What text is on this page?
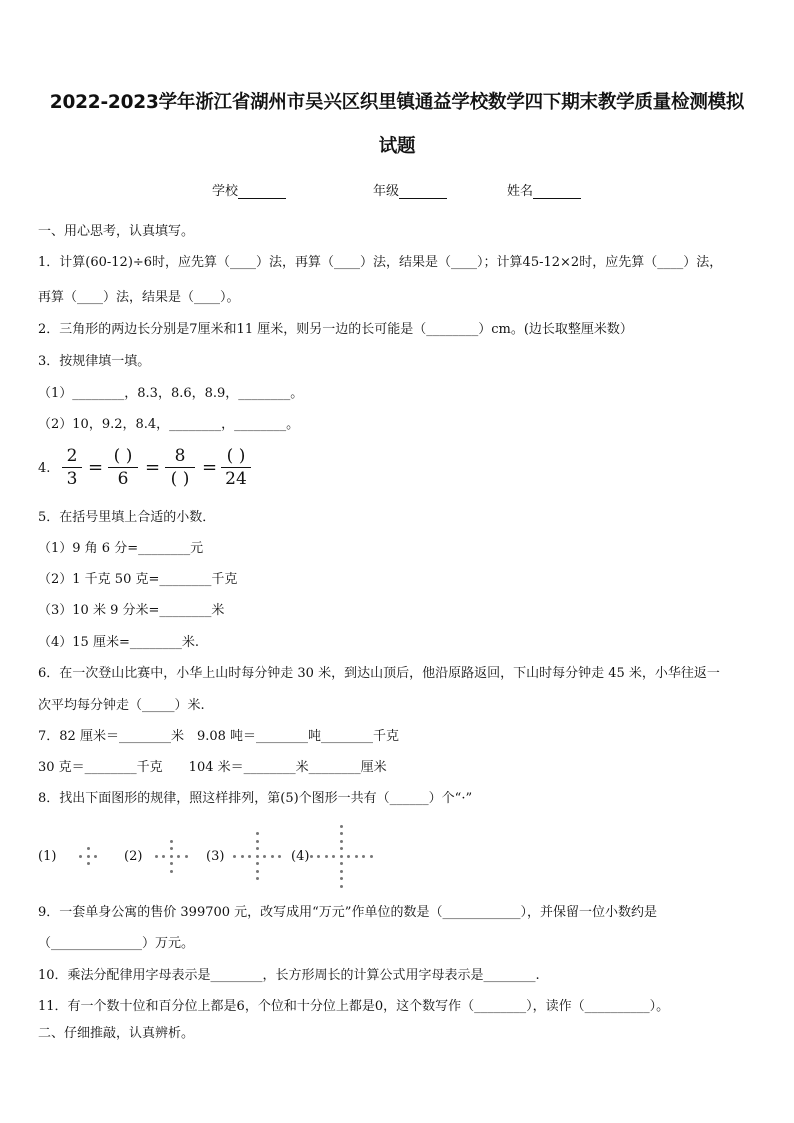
2022-2023学年浙江省湖州市吴兴区织里镇通益学校数学四下期末教学质量检测模拟
试题
学校	年级	姓名
一、用心思考，认真填写。
1．计算(60-12)÷6时，应先算（____）法，再算（____）法，结果是（____）；计算45-12×2时，应先算（____）法，
再算（____）法，结果是（____）。
2．三角形的两边长分别是7厘米和11 厘米，则另一边的长可能是（________）cm。(边长取整厘米数）
3．按规律填一填。
（1）________，8.3，8.6，8.9，________。
（2）10，9.2，8.4，________，________。
4.
2
3
=
( )
6
=
8
( )
=
( )
24
5．在括号里填上合适的小数．
（1）9 角 6 分=________元
（2）1 千克 50 克=________千克
（3）10 米 9 分米=________米
（4）15 厘米=________米.
6．在一次登山比赛中，小华上山时每分钟走 30 米，到达山顶后，他沿原路返回，下山时每分钟走 45 米，小华往返一
次平均每分钟走（_____）米.
7．82 厘米＝________米　9.08 吨＝________吨________千克
30 克＝________千克　　104 米＝________米________厘米
8．找出下面图形的规律，照这样排列，第(5)个图形一共有（______）个“·”
(1)	(2)	(3)	(4)
9．一套单身公寓的售价 399700 元，改写成用“万元”作单位的数是（____________），并保留一位小数约是
（______________）万元。
10．乘法分配律用字母表示是________，长方形周长的计算公式用字母表示是________.
11．有一个数十位和百分位上都是6，个位和十分位上都是0，这个数写作（________），读作（__________）。
二、仔细推敲，认真辨析。
